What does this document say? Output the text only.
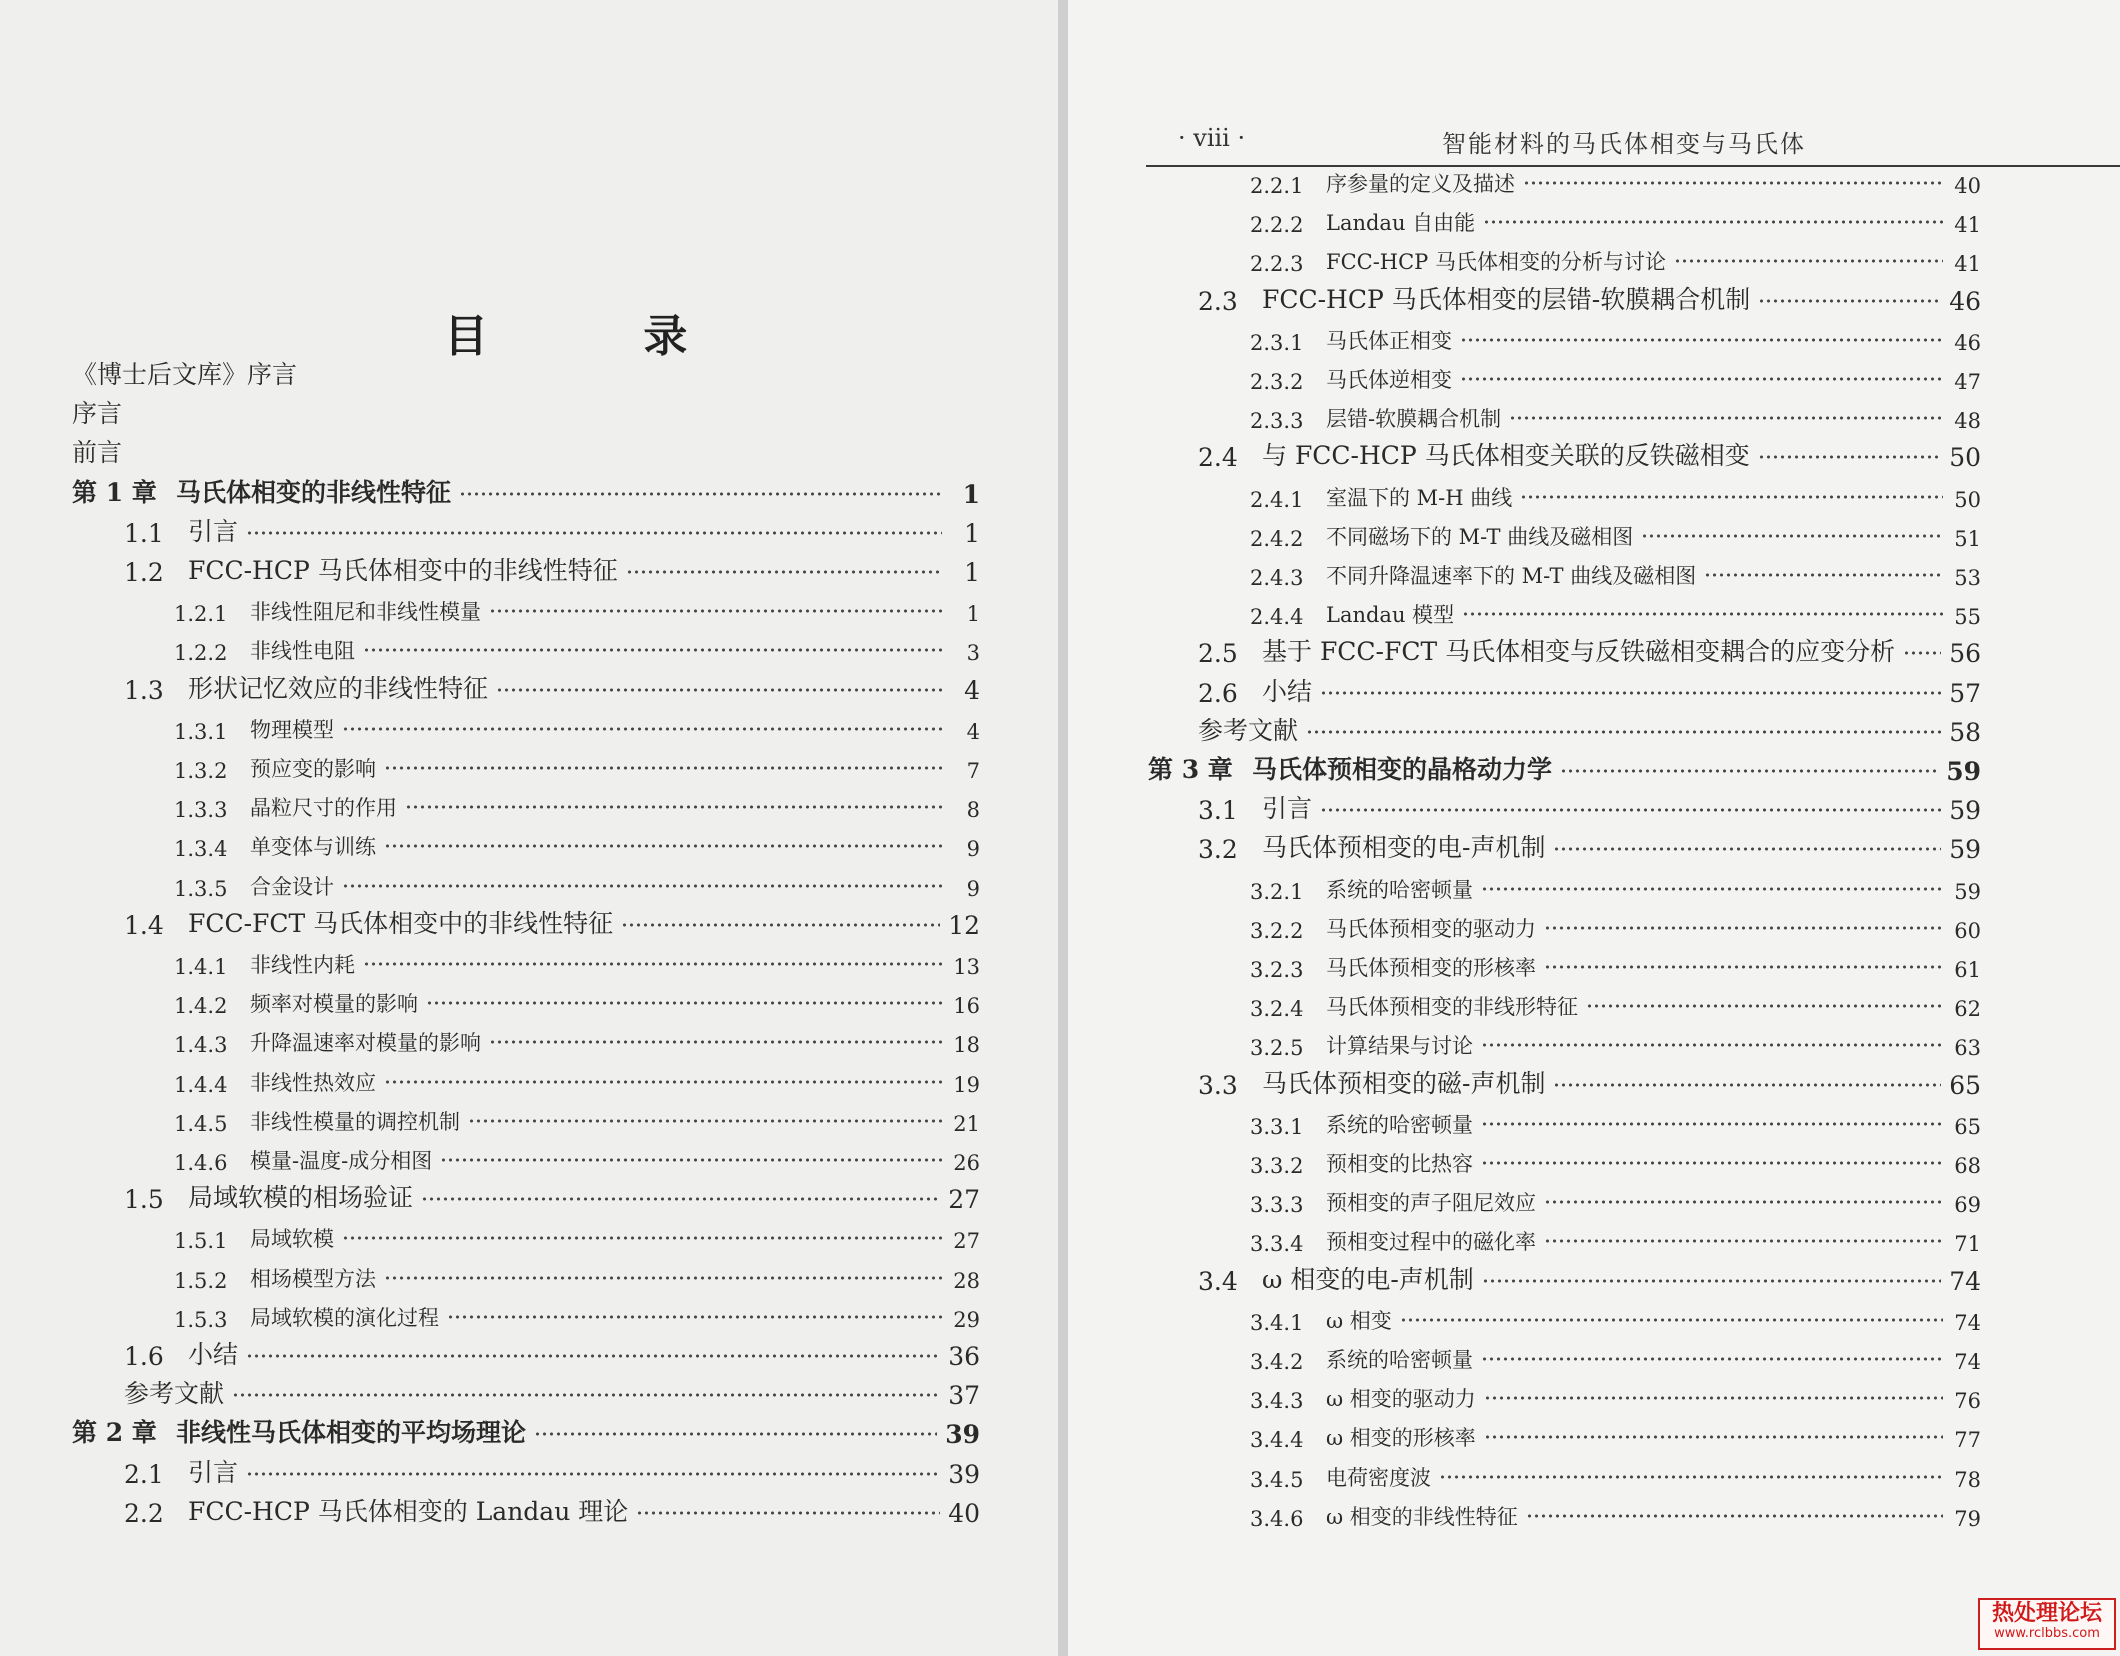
目 录
《博士后文库》序言
序言
前言
第 1 章 马氏体相变的非线性特征	1
1.1 引言	1
1.2 FCC-HCP 马氏体相变中的非线性特征	1
1.2.1	非线性阻尼和非线性模量	1
1.2.2	非线性电阻	3
1.3 形状记忆效应的非线性特征	4
1.3.1	物理模型	4
1.3.2	预应变的影响	7
1.3.3	晶粒尺寸的作用	8
1.3.4	单变体与训练	9
1.3.5	合金设计	9
1.4 FCC-FCT 马氏体相变中的非线性特征	12
1.4.1	非线性内耗	13
1.4.2	频率对模量的影响	16
1.4.3	升降温速率对模量的影响	18
1.4.4	非线性热效应	19
1.4.5	非线性模量的调控机制	21
1.4.6	模量-温度-成分相图	26
1.5 局域软模的相场验证	27
1.5.1	局域软模	27
1.5.2	相场模型方法	28
1.5.3	局域软模的演化过程	29
1.6 小结	36
参考文献	37
第 2 章 非线性马氏体相变的平均场理论	39
2.1 引言	39
2.2 FCC-HCP 马氏体相变的 Landau 理论	40
· viii ·	智能材料的马氏体相变与马氏体
2.2.1	序参量的定义及描述	40
2.2.2	Landau 自由能	41
2.2.3	FCC-HCP 马氏体相变的分析与讨论	41
2.3 FCC-HCP 马氏体相变的层错-软膜耦合机制	46
2.3.1	马氏体正相变	46
2.3.2	马氏体逆相变	47
2.3.3	层错-软膜耦合机制	48
2.4 与 FCC-HCP 马氏体相变关联的反铁磁相变	50
2.4.1	室温下的 M-H 曲线	50
2.4.2	不同磁场下的 M-T 曲线及磁相图	51
2.4.3	不同升降温速率下的 M-T 曲线及磁相图	53
2.4.4	Landau 模型	55
2.5 基于 FCC-FCT 马氏体相变与反铁磁相变耦合的应变分析 56
2.6 小结	57
参考文献	58
第 3 章 马氏体预相变的晶格动力学	59
3.1 引言	59
3.2 马氏体预相变的电-声机制	59
3.2.1	系统的哈密顿量	59
3.2.2	马氏体预相变的驱动力	60
3.2.3	马氏体预相变的形核率	61
3.2.4	马氏体预相变的非线形特征	62
3.2.5	计算结果与讨论	63
3.3 马氏体预相变的磁-声机制	65
3.3.1	系统的哈密顿量	65
3.3.2	预相变的比热容	68
3.3.3	预相变的声子阻尼效应	69
3.3.4	预相变过程中的磁化率	71
3.4 ω 相变的电-声机制	74
3.4.1	ω 相变	74
3.4.2	系统的哈密顿量	74
3.4.3	ω 相变的驱动力	76
3.4.4	ω 相变的形核率	77
3.4.5	电荷密度波	78
3.4.6	ω 相变的非线性特征	79
热处理论坛
www.rclbbs.com
